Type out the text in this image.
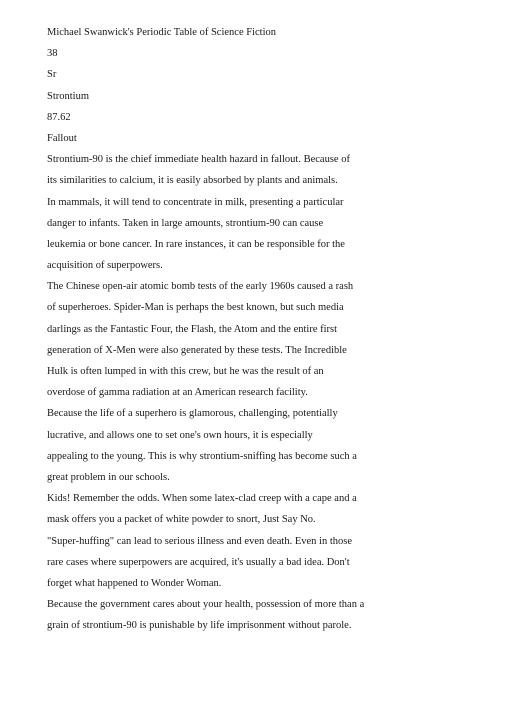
Michael Swanwick's Periodic Table of Science Fiction
38
Sr
Strontium
87.62
Fallout
Strontium-90 is the chief immediate health hazard in fallout. Because of
its similarities to calcium, it is easily absorbed by plants and animals.
In mammals, it will tend to concentrate in milk, presenting a particular
danger to infants. Taken in large amounts, strontium-90 can cause
leukemia or bone cancer. In rare instances, it can be responsible for the
acquisition of superpowers.
The Chinese open-air atomic bomb tests of the early 1960s caused a rash
of superheroes. Spider-Man is perhaps the best known, but such media
darlings as the Fantastic Four, the Flash, the Atom and the entire first
generation of X-Men were also generated by these tests. The Incredible
Hulk is often lumped in with this crew, but he was the result of an
overdose of gamma radiation at an American research facility.
Because the life of a superhero is glamorous, challenging, potentially
lucrative, and allows one to set one's own hours, it is especially
appealing to the young. This is why strontium-sniffing has become such a
great problem in our schools.
Kids! Remember the odds. When some latex-clad creep with a cape and a
mask offers you a packet of white powder to snort, Just Say No.
"Super-huffing" can lead to serious illness and even death. Even in those
rare cases where superpowers are acquired, it's usually a bad idea. Don't
forget what happened to Wonder Woman.
Because the government cares about your health, possession of more than a
grain of strontium-90 is punishable by life imprisonment without parole.
